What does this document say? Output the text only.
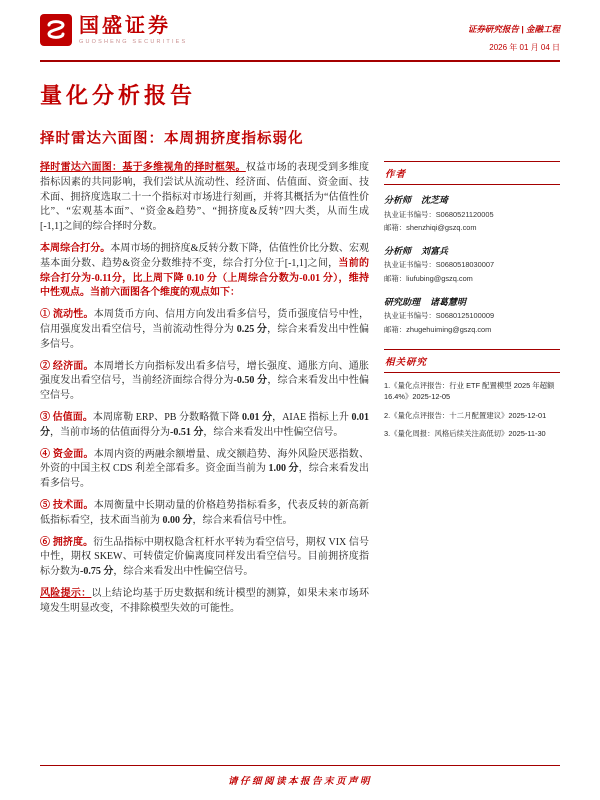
国盛证券
GUOSHENG SECURITIES
证券研究报告 | 金融工程
2026 年 01 月 04 日
量化分析报告
择时雷达六面图：本周拥挤度指标弱化

择时雷达六面图：基于多维视角的择时框架。权益市场的表现受到多维度指标因素的共同影响，我们尝试从流动性、经济面、估值面、资金面、技术面、拥挤度选取二十一个指标对市场进行刻画，并将其概括为“估值性价比”、“宏观基本面”、“资金&趋势”、“拥挤度&反转”四大类，从而生成[-1,1]之间的综合择时分数。

本周综合打分。本周市场的拥挤度&反转分数下降，估值性价比分数、宏观基本面分数、趋势&资金分数维持不变，综合打分位于[-1,1]之间，当前的综合打分为-0.11分，比上周下降 0.10 分（上周综合分数为-0.01 分），维持中性观点。当前六面图各个维度的观点如下：

① 流动性。本周货币方向、信用方向发出看多信号，货币强度信号中性，信用强度发出看空信号，当前流动性得分为 0.25 分，综合来看发出中性偏多信号。

② 经济面。本周增长方向指标发出看多信号，增长强度、通胀方向、通胀强度发出看空信号，当前经济面综合得分为-0.50 分，综合来看发出中性偏空信号。

③ 估值面。本周席勒 ERP、PB 分数略微下降 0.01 分，AIAE 指标上升 0.01 分，当前市场的估值面得分为-0.51 分，综合来看发出中性偏空信号。

④ 资金面。本周内资的两融余额增量、成交额趋势、海外风险厌恶指数、外资的中国主权 CDS 利差全部看多。资金面当前为 1.00 分，综合来看发出看多信号。

⑤ 技术面。本周衡量中长期动量的价格趋势指标看多，代表反转的新高新低指标看空，技术面当前为 0.00 分，综合来看信号中性。

⑥ 拥挤度。衍生品指标中期权隐含杠杆水平转为看空信号，期权 VIX 信号中性，期权 SKEW、可转债定价偏离度同样发出看空信号。目前拥挤度指标分数为-0.75 分，综合来看发出中性偏空信号。

风险提示：以上结论均基于历史数据和统计模型的测算，如果未来市场环境发生明显改变，不排除模型失效的可能性。

作者
分析师 沈芝琦
执业证书编号：S0680521120005
邮箱：shenzhiqi@gszq.com
分析师 刘富兵
执业证书编号：S0680518030007
邮箱：liufubing@gszq.com
研究助理 诸葛慧明
执业证书编号：S0680125100009
邮箱：zhugehuiming@gszq.com
相关研究
1.《量化点评报告：行业 ETF 配置模型 2025 年超额 16.4%》2025-12-05
2.《量化点评报告：十二月配置建议》2025-12-01
3.《量化周报：风格后续关注高低切》2025-11-30
请仔细阅读本报告末页声明
